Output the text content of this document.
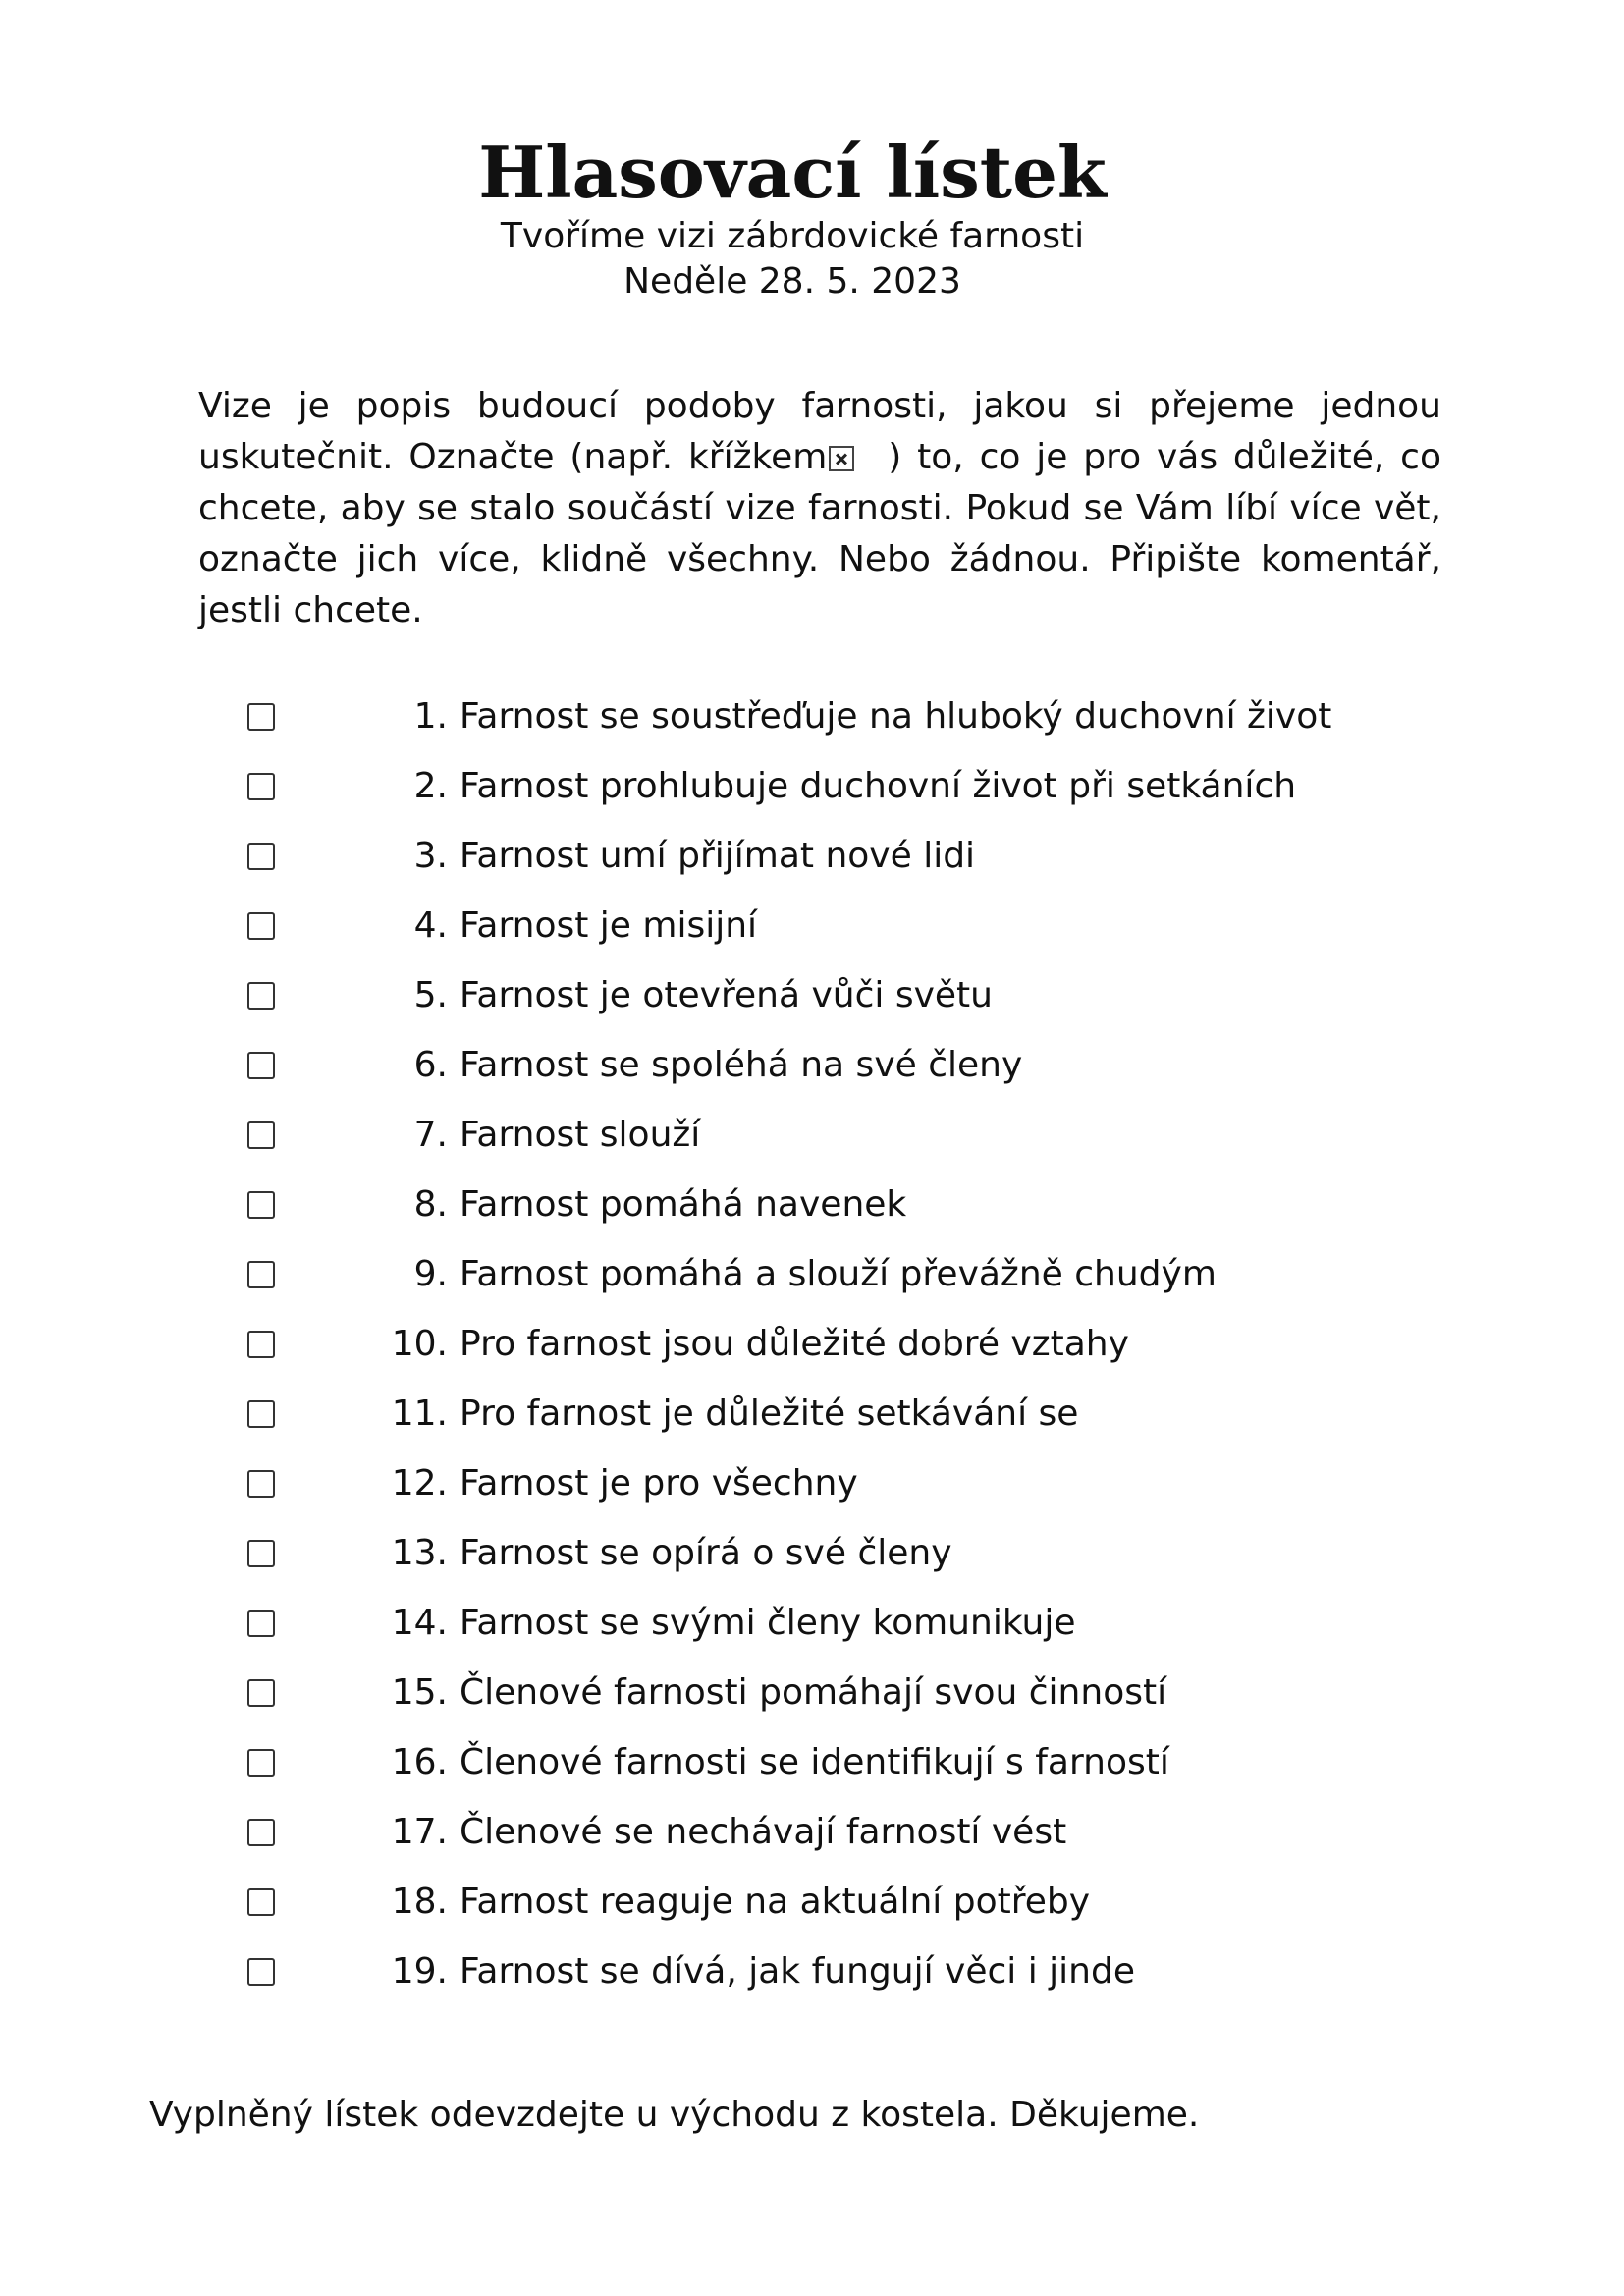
Hlasovací lístek
Tvoříme vizi zábrdovické farnosti
Neděle 28. 5. 2023
Vize je popis budoucí podoby farnosti, jakou si přejeme jednou uskutečnit. Označte (např. křížkem ) to, co je pro vás důležité, co chcete, aby se stalo součástí vize farnosti. Pokud se Vám líbí více vět, označte jich více, klidně všechny. Nebo žádnou. Připište komentář, jestli chcete.
1. Farnost se soustřeďuje na hluboký duchovní život
2. Farnost prohlubuje duchovní život při setkáních
3. Farnost umí přijímat nové lidi
4. Farnost je misijní
5. Farnost je otevřená vůči světu
6. Farnost se spoléhá na své členy
7. Farnost slouží
8. Farnost pomáhá navenek
9. Farnost pomáhá a slouží převážně chudým
10. Pro farnost jsou důležité dobré vztahy
11. Pro farnost je důležité setkávání se
12. Farnost je pro všechny
13. Farnost se opírá o své členy
14. Farnost se svými členy komunikuje
15. Členové farnosti pomáhají svou činností
16. Členové farnosti se identifikují s farností
17. Členové se nechávají farností vést
18. Farnost reaguje na aktuální potřeby
19. Farnost se dívá, jak fungují věci i jinde
Vyplněný lístek odevzdejte u východu z kostela. Děkujeme.
